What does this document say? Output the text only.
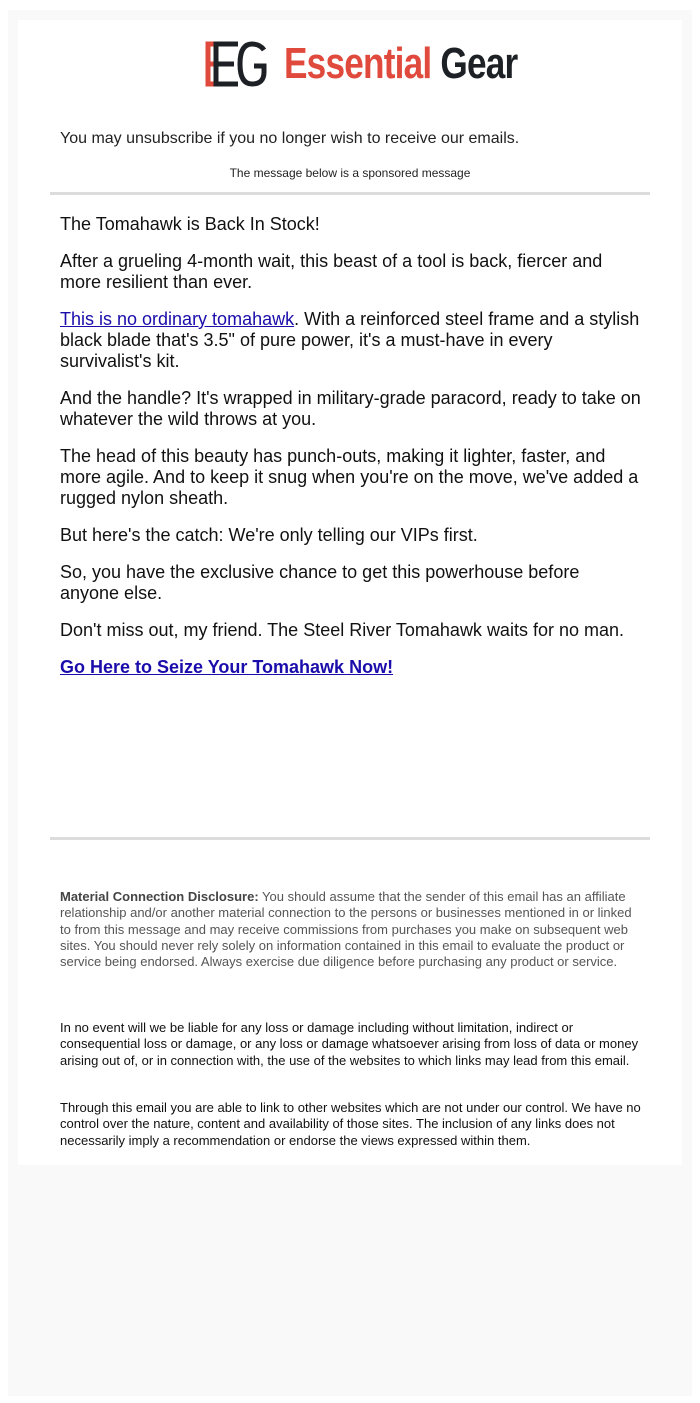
Essential Gear
You may unsubscribe if you no longer wish to receive our emails.
The message below is a sponsored message

The Tomahawk is Back In Stock!

After a grueling 4-month wait, this beast of a tool is back, fiercer and more resilient than ever.

This is no ordinary tomahawk. With a reinforced steel frame and a stylish black blade that's 3.5" of pure power, it's a must-have in every survivalist's kit.

And the handle? It's wrapped in military-grade paracord, ready to take on whatever the wild throws at you.

The head of this beauty has punch-outs, making it lighter, faster, and more agile. And to keep it snug when you're on the move, we've added a rugged nylon sheath.

But here's the catch: We're only telling our VIPs first.

So, you have the exclusive chance to get this powerhouse before anyone else.

Don't miss out, my friend. The Steel River Tomahawk waits for no man.

Go Here to Seize Your Tomahawk Now!

Material Connection Disclosure: You should assume that the sender of this email has an affiliate relationship and/or another material connection to the persons or businesses mentioned in or linked to from this message and may receive commissions from purchases you make on subsequent web sites. You should never rely solely on information contained in this email to evaluate the product or service being endorsed. Always exercise due diligence before purchasing any product or service.
In no event will we be liable for any loss or damage including without limitation, indirect or consequential loss or damage, or any loss or damage whatsoever arising from loss of data or money arising out of, or in connection with, the use of the websites to which links may lead from this email.
Through this email you are able to link to other websites which are not under our control. We have no control over the nature, content and availability of those sites. The inclusion of any links does not necessarily imply a recommendation or endorse the views expressed within them.
